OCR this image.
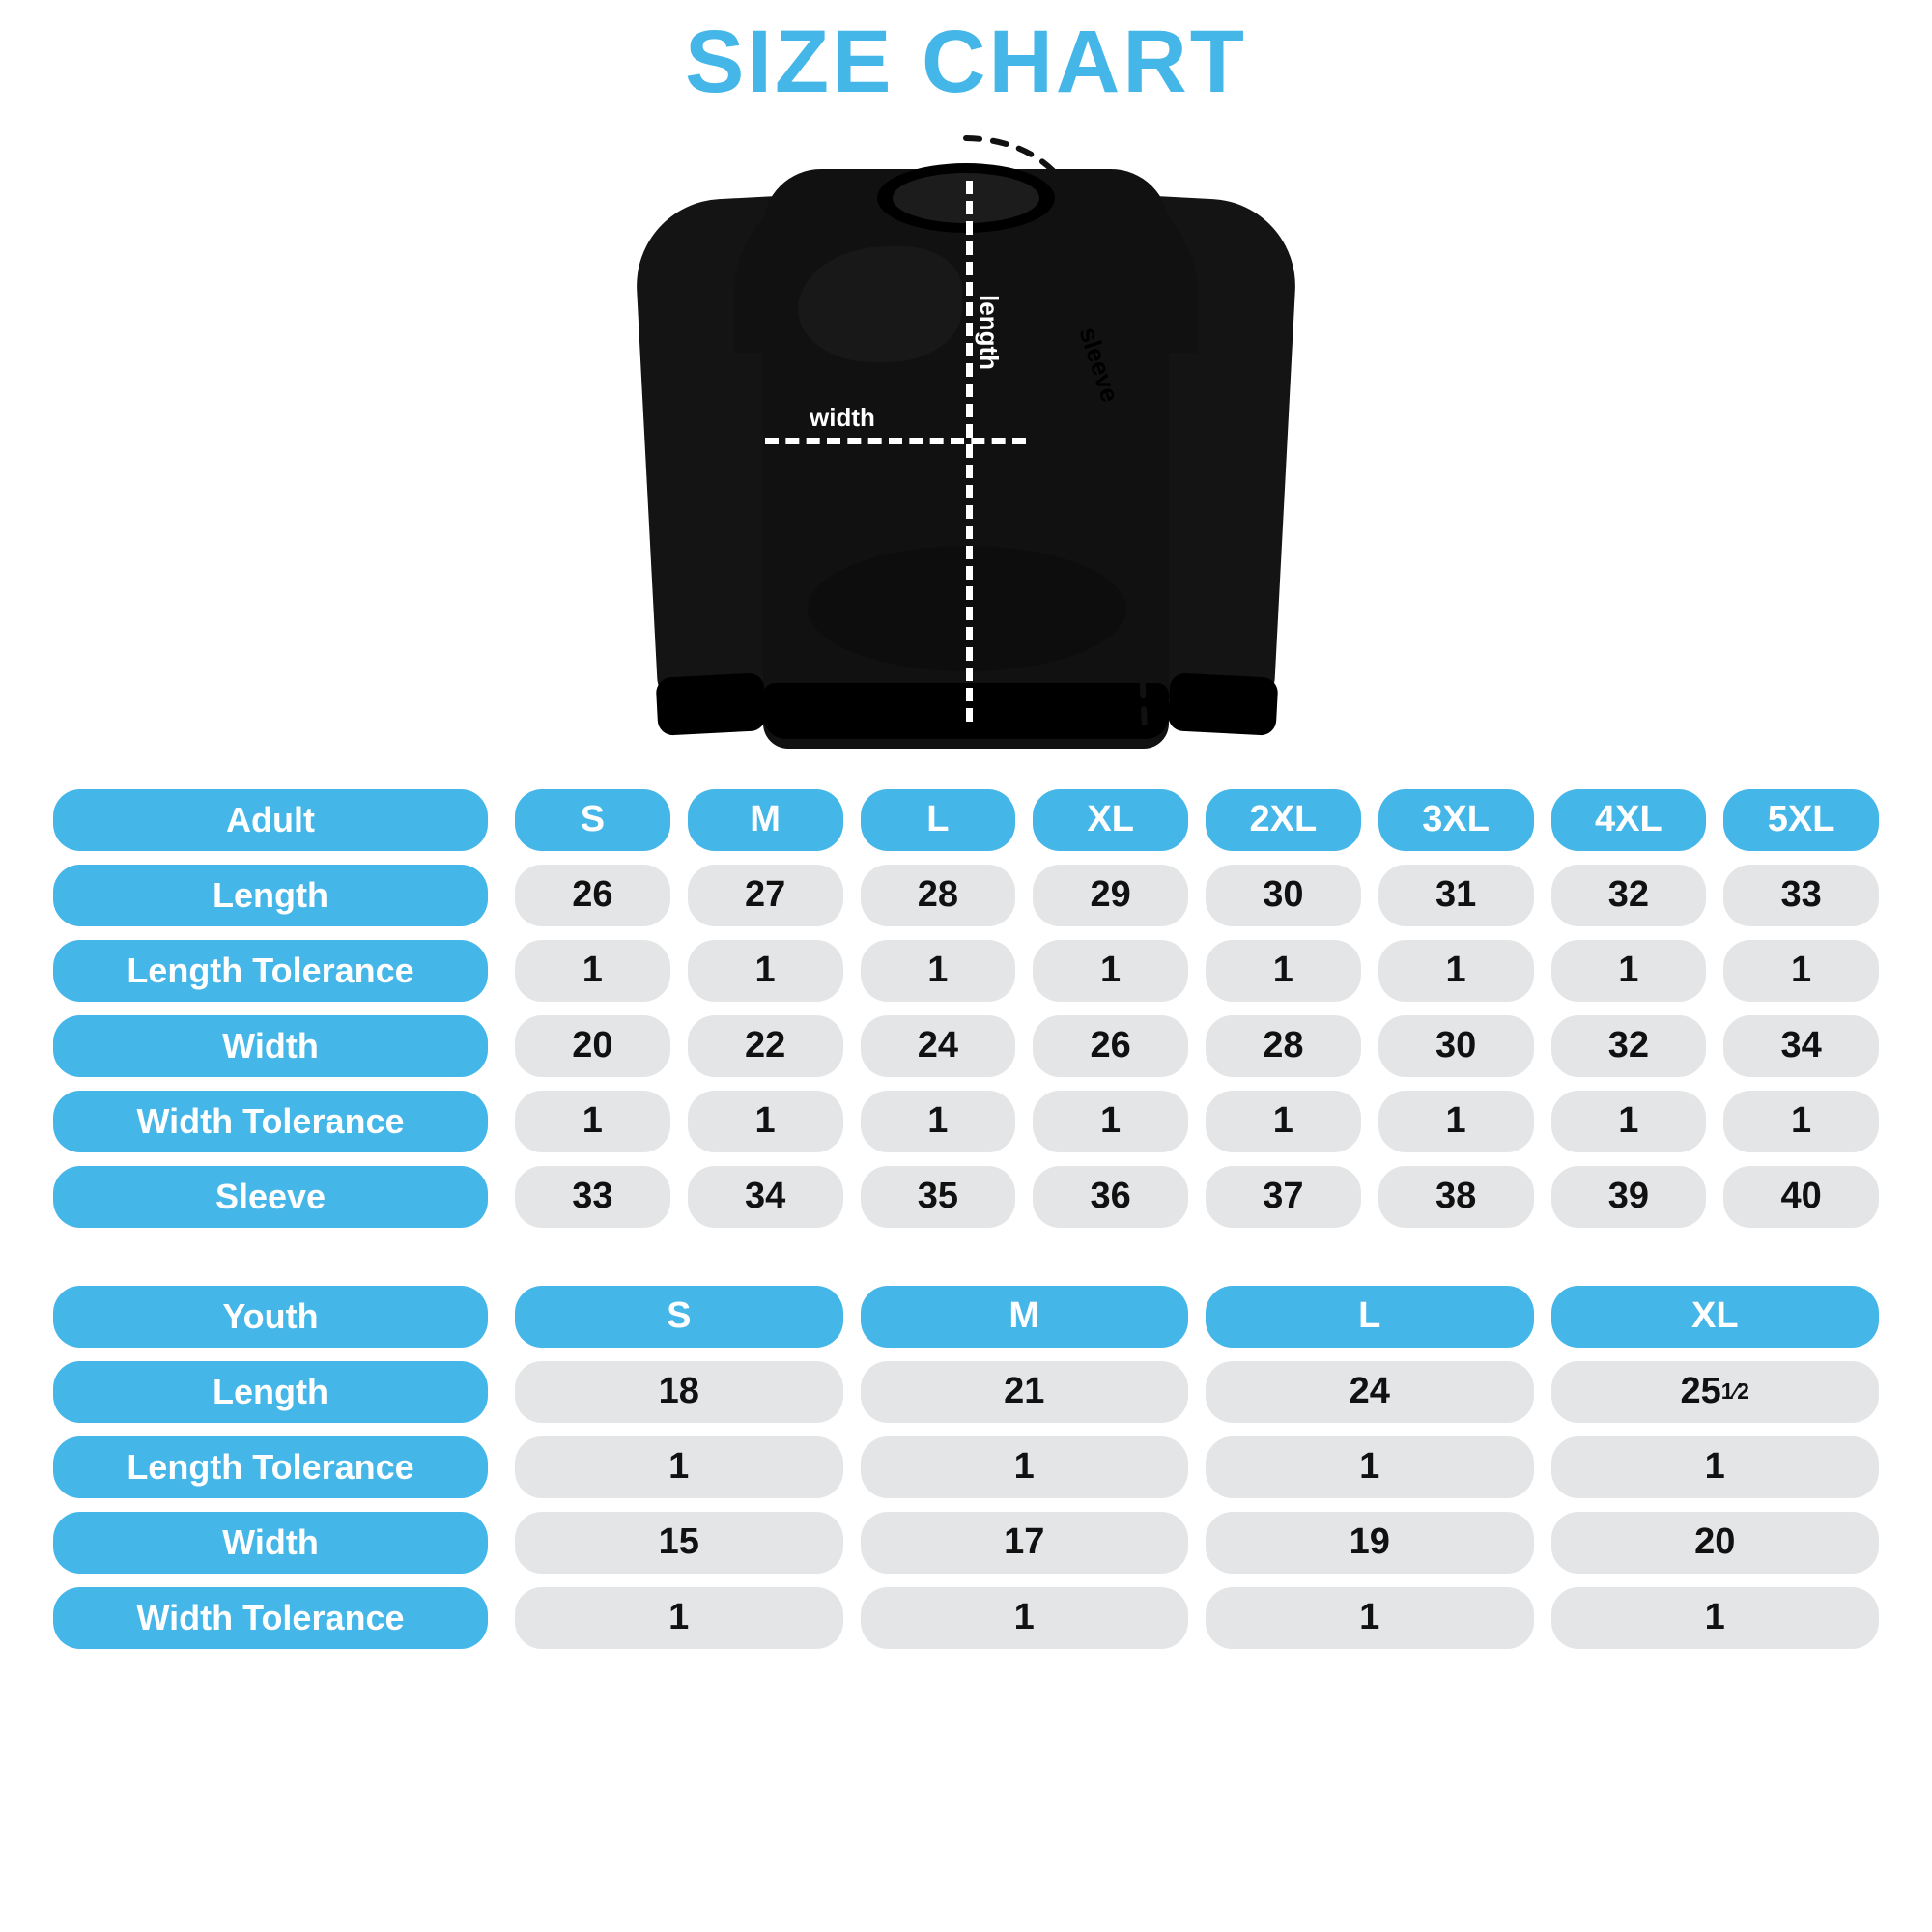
SIZE CHART
length
width
sleeve
Adult	S	M	L	XL	2XL	3XL	4XL	5XL
Length	26	27	28	29	30	31	32	33
Length Tolerance	1	1	1	1	1	1	1	1
Width	20	22	24	26	28	30	32	34
Width Tolerance	1	1	1	1	1	1	1	1
Sleeve	33	34	35	36	37	38	39	40
Youth	S	M	L	XL
Length	18	21	24	25 1⁄2
Length Tolerance	1	1	1	1
Width	15	17	19	20
Width Tolerance	1	1	1	1
